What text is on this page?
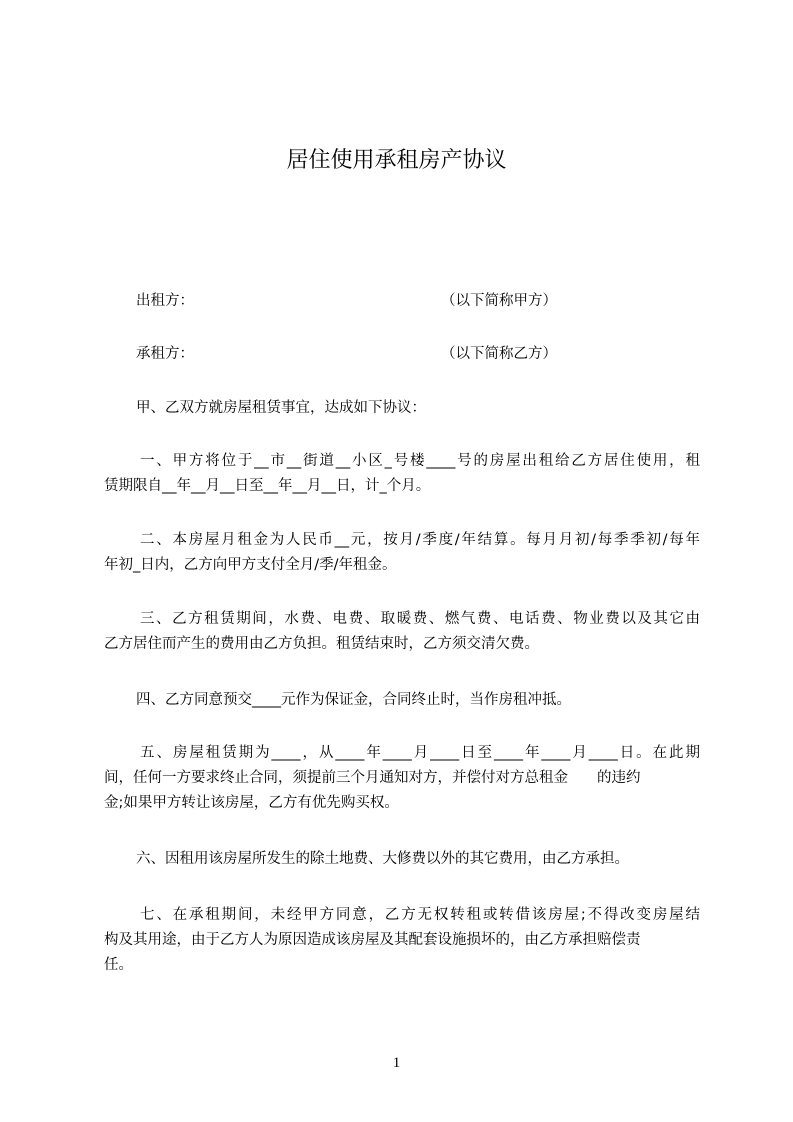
居住使用承租房产协议
出租方：	（以下简称甲方）
承租方：	（以下简称乙方）
甲、乙双方就房屋租赁事宜，达成如下协议：
一、甲方将位于__市__街道__小区_号楼____号的房屋出租给乙方居住使用，租
赁期限自__年__月__日至__年__月__日，计_个月。
二、本房屋月租金为人民币__元，按月/季度/年结算。每月月初/每季季初/每年
年初_日内，乙方向甲方支付全月/季/年租金。
三、乙方租赁期间，水费、电费、取暖费、燃气费、电话费、物业费以及其它由
乙方居住而产生的费用由乙方负担。租赁结束时，乙方须交清欠费。
四、乙方同意预交____元作为保证金，合同终止时，当作房租冲抵。
五、房屋租赁期为____，从____年____月____日至____年____月____日。在此期
间，任何一方要求终止合同，须提前三个月通知对方，并偿付对方总租金　　的违约
金;如果甲方转让该房屋，乙方有优先购买权。
六、因租用该房屋所发生的除土地费、大修费以外的其它费用，由乙方承担。
七、在承租期间，未经甲方同意，乙方无权转租或转借该房屋;不得改变房屋结
构及其用途，由于乙方人为原因造成该房屋及其配套设施损坏的，由乙方承担赔偿责
任。
1
